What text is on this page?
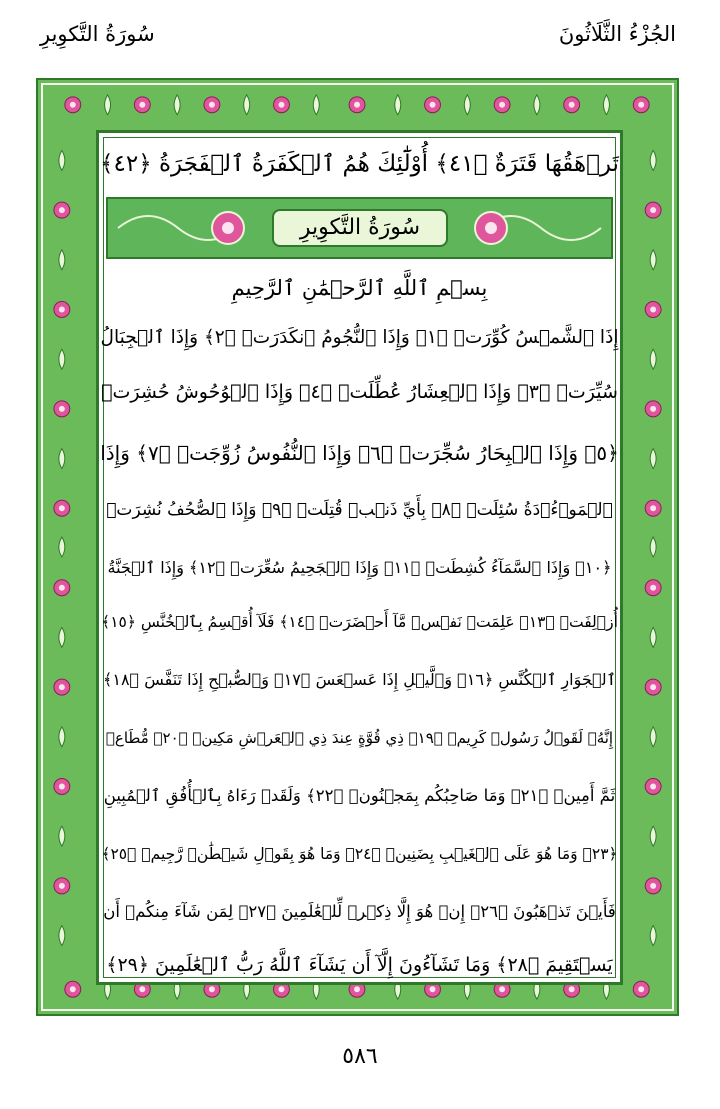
سُورَةُ التَّكوِيرِ	الجُزْءُ الثَّلَاثُونَ
تَرۡهَقُهَا قَتَرَةٌ ﴿٤١﴾ أُوْلَٰٓئِكَ هُمُ ٱلۡكَفَرَةُ ٱلۡفَجَرَةُ ﴿٤٢﴾
سُورَةُ التَّكوِيرِ
بِسۡمِ ٱللَّهِ ٱلرَّحۡمَٰنِ ٱلرَّحِيمِ
إِذَا ٱلشَّمۡسُ كُوِّرَتۡ ﴿١﴾ وَإِذَا ٱلنُّجُومُ ٱنكَدَرَتۡ ﴿٢﴾ وَإِذَا ٱلۡجِبَالُ
سُيِّرَتۡ ﴿٣﴾ وَإِذَا ٱلۡعِشَارُ عُطِّلَتۡ ﴿٤﴾ وَإِذَا ٱلۡوُحُوشُ حُشِرَتۡ
﴿٥﴾ وَإِذَا ٱلۡبِحَارُ سُجِّرَتۡ ﴿٦﴾ وَإِذَا ٱلنُّفُوسُ زُوِّجَتۡ ﴿٧﴾ وَإِذَا
ٱلۡمَوۡءُۥدَةُ سُئِلَتۡ ﴿٨﴾ بِأَيِّ ذَنۢبٖ قُتِلَتۡ ﴿٩﴾ وَإِذَا ٱلصُّحُفُ نُشِرَتۡ
﴿١٠﴾ وَإِذَا ٱلسَّمَآءُ كُشِطَتۡ ﴿١١﴾ وَإِذَا ٱلۡجَحِيمُ سُعِّرَتۡ ﴿١٢﴾ وَإِذَا ٱلۡجَنَّةُ
أُزۡلِفَتۡ ﴿١٣﴾ عَلِمَتۡ نَفۡسٞ مَّآ أَحۡضَرَتۡ ﴿١٤﴾ فَلَآ أُقۡسِمُ بِٱلۡخُنَّسِ ﴿١٥﴾
ٱلۡجَوَارِ ٱلۡكُنَّسِ ﴿١٦﴾ وَٱلَّيۡلِ إِذَا عَسۡعَسَ ﴿١٧﴾ وَٱلصُّبۡحِ إِذَا تَنَفَّسَ ﴿١٨﴾
إِنَّهُۥ لَقَوۡلُ رَسُولٖ كَرِيمٖ ﴿١٩﴾ ذِي قُوَّةٍ عِندَ ذِي ٱلۡعَرۡشِ مَكِينٖ ﴿٢٠﴾ مُّطَاعٖ
ثَمَّ أَمِينٖ ﴿٢١﴾ وَمَا صَاحِبُكُم بِمَجۡنُونٖ ﴿٢٢﴾ وَلَقَدۡ رَءَاهُ بِٱلۡأُفُقِ ٱلۡمُبِينِ
﴿٢٣﴾ وَمَا هُوَ عَلَى ٱلۡغَيۡبِ بِضَنِينٖ ﴿٢٤﴾ وَمَا هُوَ بِقَوۡلِ شَيۡطَٰنٖ رَّجِيمٖ ﴿٢٥﴾
فَأَيۡنَ تَذۡهَبُونَ ﴿٢٦﴾ إِنۡ هُوَ إِلَّا ذِكۡرٞ لِّلۡعَٰلَمِينَ ﴿٢٧﴾ لِمَن شَآءَ مِنكُمۡ أَن
يَسۡتَقِيمَ ﴿٢٨﴾ وَمَا تَشَآءُونَ إِلَّآ أَن يَشَآءَ ٱللَّهُ رَبُّ ٱلۡعَٰلَمِينَ ﴿٢٩﴾
٥٨٦
